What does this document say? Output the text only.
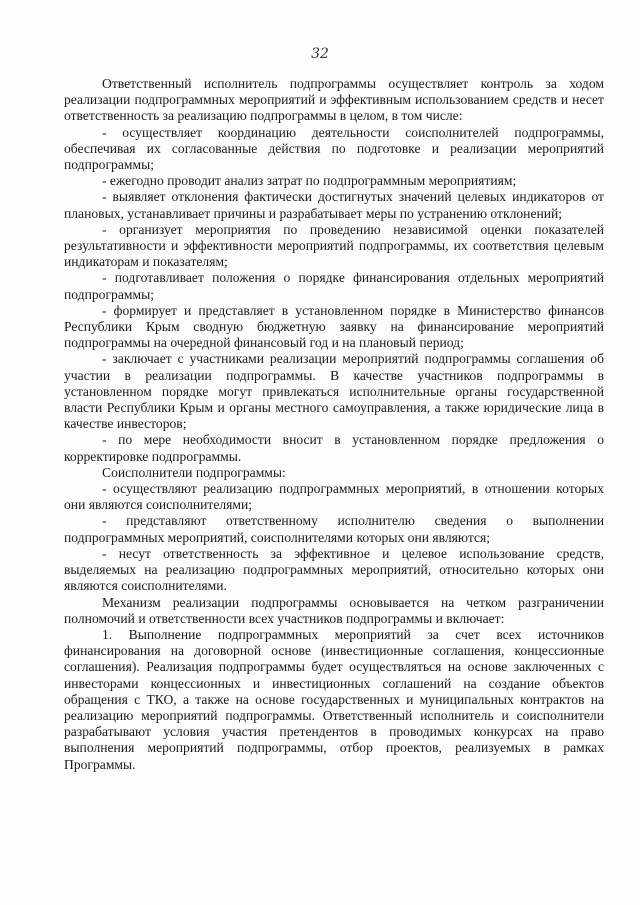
32

Ответственный исполнитель подпрограммы осуществляет контроль за ходом реализации подпрограммных мероприятий и эффективным использованием средств и несет ответственность за реализацию подпрограммы в целом, в том числе:

- осуществляет координацию деятельности соисполнителей подпрограммы, обеспечивая их согласованные действия по подготовке и реализации мероприятий подпрограммы;

- ежегодно проводит анализ затрат по подпрограммным мероприятиям;

- выявляет отклонения фактически достигнутых значений целевых индикаторов от плановых, устанавливает причины и разрабатывает меры по устранению отклонений;

- организует мероприятия по проведению независимой оценки показателей результативности и эффективности мероприятий подпрограммы, их соответствия целевым индикаторам и показателям;

- подготавливает положения о порядке финансирования отдельных мероприятий подпрограммы;

- формирует и представляет в установленном порядке в Министерство финансов Республики Крым сводную бюджетную заявку на финансирование мероприятий подпрограммы на очередной финансовый год и на плановый период;

- заключает с участниками реализации мероприятий подпрограммы соглашения об участии в реализации подпрограммы. В качестве участников подпрограммы в установленном порядке могут привлекаться исполнительные органы государственной власти Республики Крым и органы местного самоуправления, а также юридические лица в качестве инвесторов;

- по мере необходимости вносит в установленном порядке предложения о корректировке подпрограммы.

Соисполнители подпрограммы:

- осуществляют реализацию подпрограммных мероприятий, в отношении которых они являются соисполнителями;

- представляют ответственному исполнителю сведения о выполнении подпрограммных мероприятий, соисполнителями которых они являются;

- несут ответственность за эффективное и целевое использование средств, выделяемых на реализацию подпрограммных мероприятий, относительно которых они являются соисполнителями.

Механизм реализации подпрограммы основывается на четком разграничении полномочий и ответственности всех участников подпрограммы и включает:

1. Выполнение подпрограммных мероприятий за счет всех источников финансирования на договорной основе (инвестиционные соглашения, концессионные соглашения). Реализация подпрограммы будет осуществляться на основе заключенных с инвесторами концессионных и инвестиционных соглашений на создание объектов обращения с ТКО, а также на основе государственных и муниципальных контрактов на реализацию мероприятий подпрограммы. Ответственный исполнитель и соисполнители разрабатывают условия участия претендентов в проводимых конкурсах на право выполнения мероприятий подпрограммы, отбор проектов, реализуемых в рамках Программы.
